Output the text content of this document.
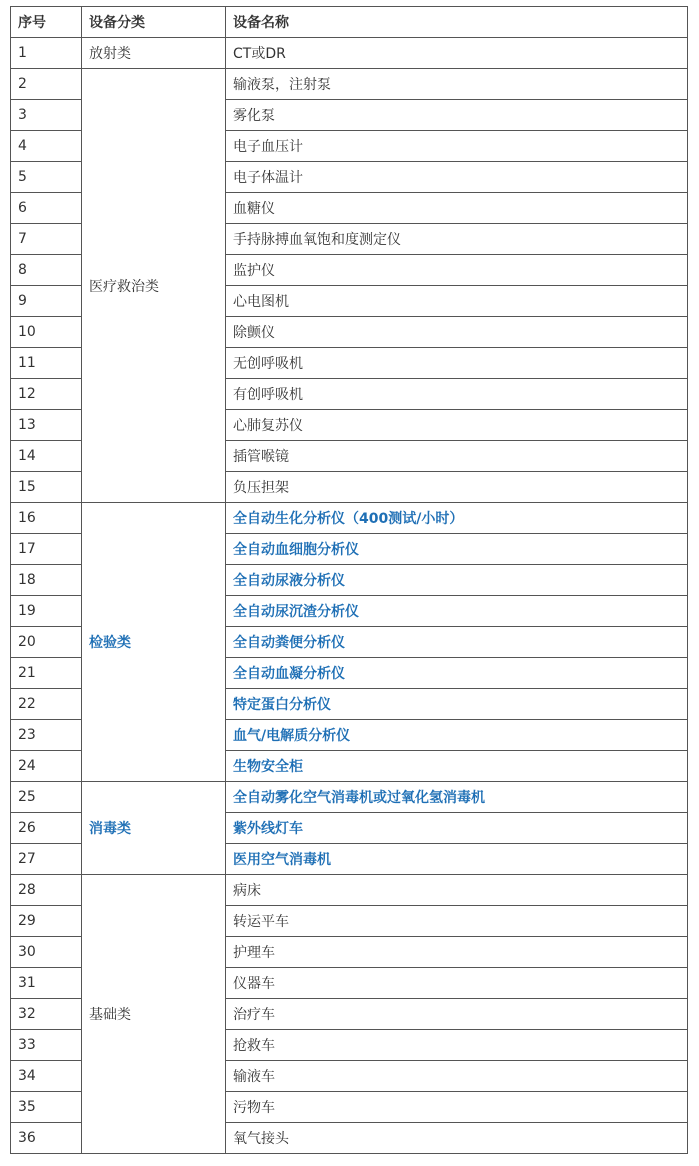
序号	设备分类	设备名称
1	放射类	CT或DR
2	医疗救治类	输液泵，注射泵
3		雾化泵
4		电子血压计
5		电子体温计
6		血糖仪
7		手持脉搏血氧饱和度测定仪
8		监护仪
9		心电图机
10		除颤仪
11		无创呼吸机
12		有创呼吸机
13		心肺复苏仪
14		插管喉镜
15		负压担架
16	检验类	全自动生化分析仪（400测试/小时）
17		全自动血细胞分析仪
18		全自动尿液分析仪
19		全自动尿沉渣分析仪
20		全自动粪便分析仪
21		全自动血凝分析仪
22		特定蛋白分析仪
23		血气/电解质分析仪
24		生物安全柜
25	消毒类	全自动雾化空气消毒机或过氧化氢消毒机
26		紫外线灯车
27		医用空气消毒机
28	基础类	病床
29		转运平车
30		护理车
31		仪器车
32		治疗车
33		抢救车
34		输液车
35		污物车
36		氧气接头
